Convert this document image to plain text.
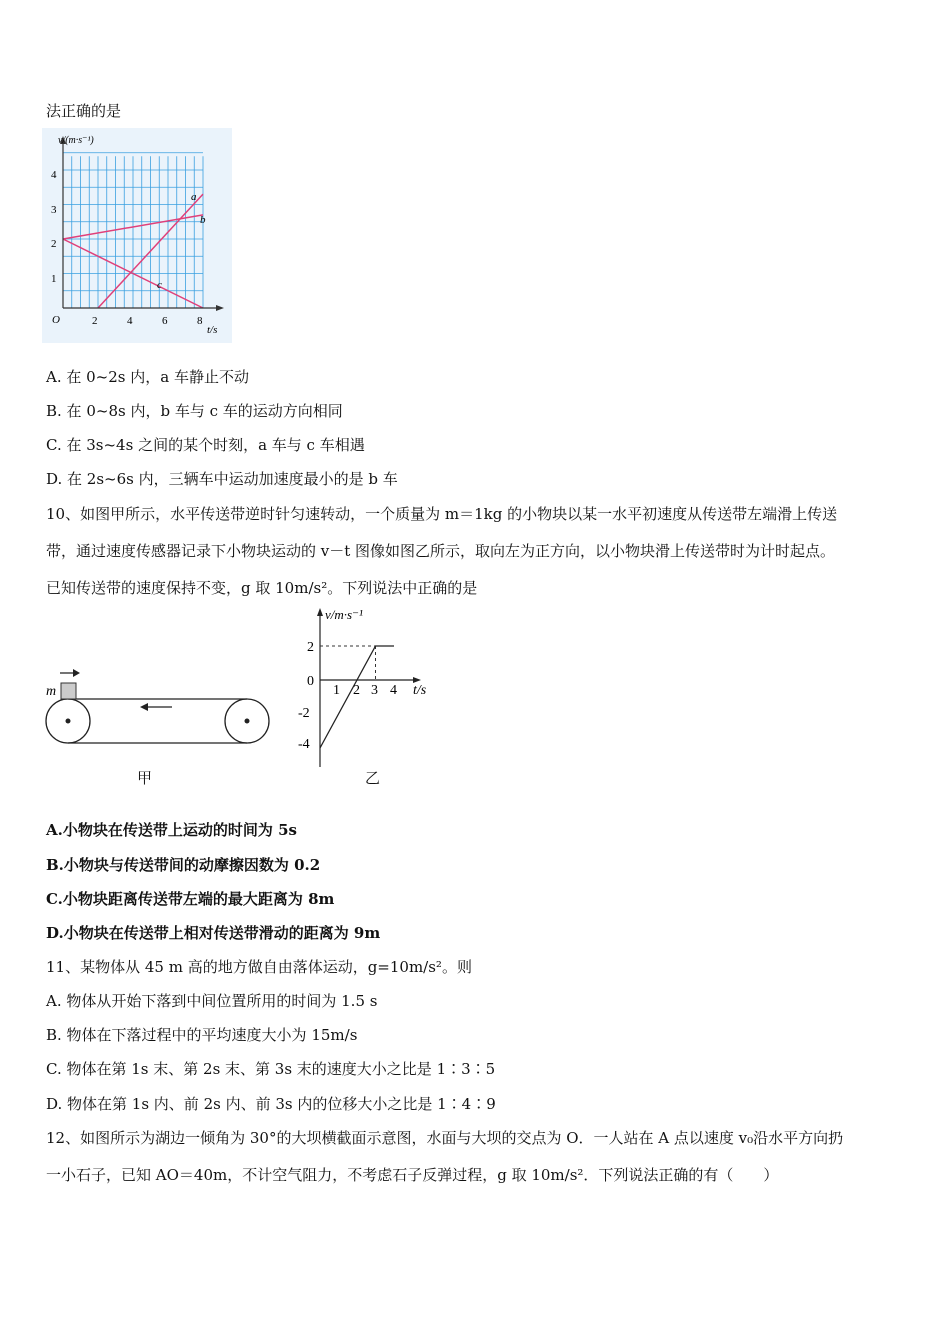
法正确的是
v/(m·s⁻¹)
O
t/s
2	4	6	8
1
2
3
4
a
b
c
A. 在 0~2s 内，a 车静止不动
B. 在 0~8s 内，b 车与 c 车的运动方向相同
C. 在 3s~4s 之间的某个时刻，a 车与 c 车相遇
D. 在 2s~6s 内，三辆车中运动加速度最小的是 b 车
10、如图甲所示，水平传送带逆时针匀速转动，一个质量为 m＝1kg 的小物块以某一水平初速度从传送带左端滑上传送
带，通过速度传感器记录下小物块运动的 v－t 图像如图乙所示，取向左为正方向，以小物块滑上传送带时为计时起点。
已知传送带的速度保持不变，g 取 10m/s²。下列说法中正确的是
m
甲
v/m·s⁻¹
t/s
0
1 2 3 4
2
-2
-4
乙
A.小物块在传送带上运动的时间为 5s
B.小物块与传送带间的动摩擦因数为 0.2
C.小物块距离传送带左端的最大距离为 8m
D.小物块在传送带上相对传送带滑动的距离为 9m
11、某物体从 45 m 高的地方做自由落体运动，g=10m/s²。则
A. 物体从开始下落到中间位置所用的时间为 1.5 s
B. 物体在下落过程中的平均速度大小为 15m/s
C. 物体在第 1s 末、第 2s 末、第 3s 末的速度大小之比是 1∶3∶5
D. 物体在第 1s 内、前 2s 内、前 3s 内的位移大小之比是 1∶4∶9
12、如图所示为湖边一倾角为 30°的大坝横截面示意图，水面与大坝的交点为 O．一人站在 A 点以速度 v₀沿水平方向扔
一小石子，已知 AO＝40m，不计空气阻力，不考虑石子反弹过程，g 取 10m/s²．下列说法正确的有（　　）
